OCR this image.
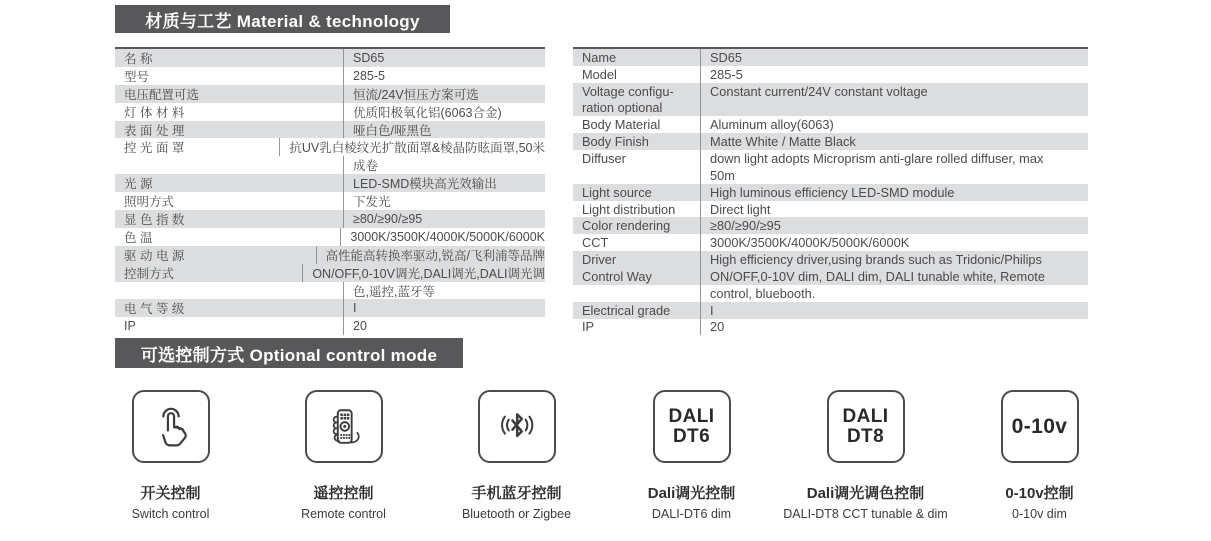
材质与工艺 Material & technology
名 称	SD65
型号	285-5
电压配置可选	恒流/24V恒压方案可选
灯 体 材 料	优质阳极氧化铝(6063合金)
表 面 处 理	哑白色/哑黑色
控 光 面 罩	抗UV乳白棱纹光扩散面罩&棱晶防眩面罩,50米
成卷
光 源	LED-SMD模块高光效输出
照明方式	下发光
显 色 指 数	≥80/≥90/≥95
色 温	3000K/3500K/4000K/5000K/6000K
驱 动 电 源	高性能高转换率驱动,锐高/飞利浦等品牌
控制方式	ON/OFF,0-10V调光,DALI调光,DALI调光调
色,遥控,蓝牙等
电 气 等 级	I
IP	20
Name	SD65
Model	285-5
Voltage configu-	Constant current/24V constant voltage
ration optional
Body Material	Aluminum alloy(6063)
Body Finish	Matte White / Matte Black
Diffuser	down light adopts Microprism anti-glare rolled diffuser, max
50m
Light source	High luminous efficiency LED-SMD module
Light distribution	Direct light
Color rendering	≥80/≥90/≥95
CCT	3000K/3500K/4000K/5000K/6000K
Driver	High efficiency driver,using brands such as Tridonic/Philips
Control Way	ON/OFF,0-10V dim, DALI dim, DALI tunable white, Remote
control, bluebooth.
Electrical grade	I
IP	20
可选控制方式 Optional control mode
开关控制
Switch control
遥控控制
Remote control
手机蓝牙控制
Bluetooth or Zigbee
DALI
DT6
Dali调光控制
DALI-DT6 dim
DALI
DT8
Dali调光调色控制
DALI-DT8 CCT tunable & dim
0-10v
0-10v控制
0-10v dim
